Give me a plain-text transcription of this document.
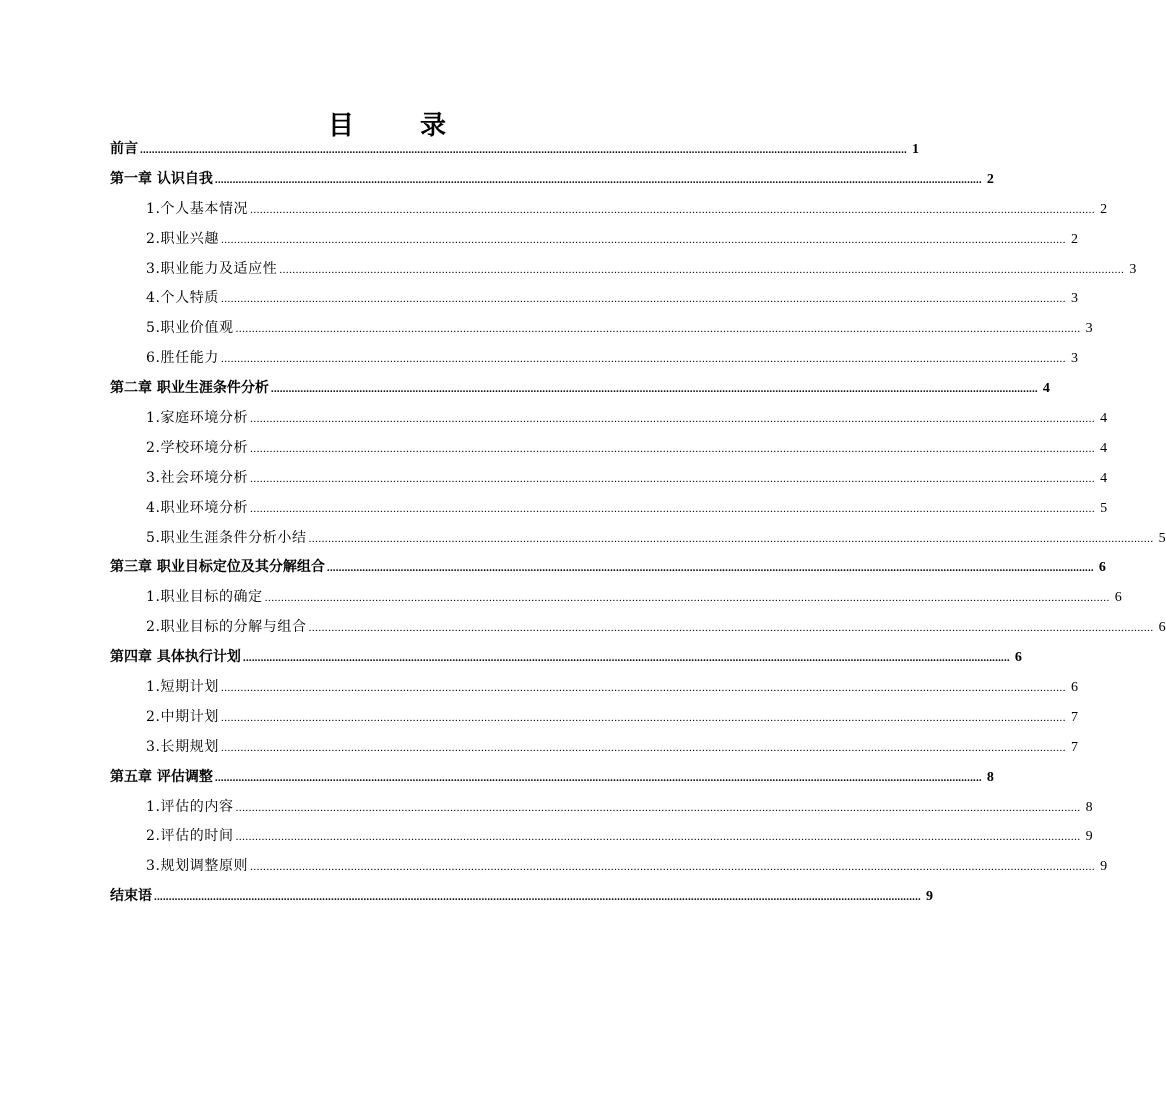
目　录
前言 .................................................................................................................................................................................................................................................................... 1
第一章 认识自我 .................................................................................................................................................................................................................................................................... 2
1.个人基本情况 .................................................................................................................................................................................................................................................................... 2
2.职业兴趣 .................................................................................................................................................................................................................................................................... 2
3.职业能力及适应性 .................................................................................................................................................................................................................................................................... 3
4.个人特质 .................................................................................................................................................................................................................................................................... 3
5.职业价值观 .................................................................................................................................................................................................................................................................... 3
6.胜任能力 .................................................................................................................................................................................................................................................................... 3
第二章 职业生涯条件分析 .................................................................................................................................................................................................................................................................... 4
1.家庭环境分析 .................................................................................................................................................................................................................................................................... 4
2.学校环境分析 .................................................................................................................................................................................................................................................................... 4
3.社会环境分析 .................................................................................................................................................................................................................................................................... 4
4.职业环境分析 .................................................................................................................................................................................................................................................................... 5
5.职业生涯条件分析小结 .................................................................................................................................................................................................................................................................... 5
第三章 职业目标定位及其分解组合 .................................................................................................................................................................................................................................................................... 6
1.职业目标的确定 .................................................................................................................................................................................................................................................................... 6
2.职业目标的分解与组合 .................................................................................................................................................................................................................................................................... 6
第四章 具体执行计划 .................................................................................................................................................................................................................................................................... 6
1.短期计划 .................................................................................................................................................................................................................................................................... 6
2.中期计划 .................................................................................................................................................................................................................................................................... 7
3.长期规划 .................................................................................................................................................................................................................................................................... 7
第五章 评估调整 .................................................................................................................................................................................................................................................................... 8
1.评估的内容 .................................................................................................................................................................................................................................................................... 8
2.评估的时间 .................................................................................................................................................................................................................................................................... 9
3.规划调整原则 .................................................................................................................................................................................................................................................................... 9
结束语 .................................................................................................................................................................................................................................................................... 9
